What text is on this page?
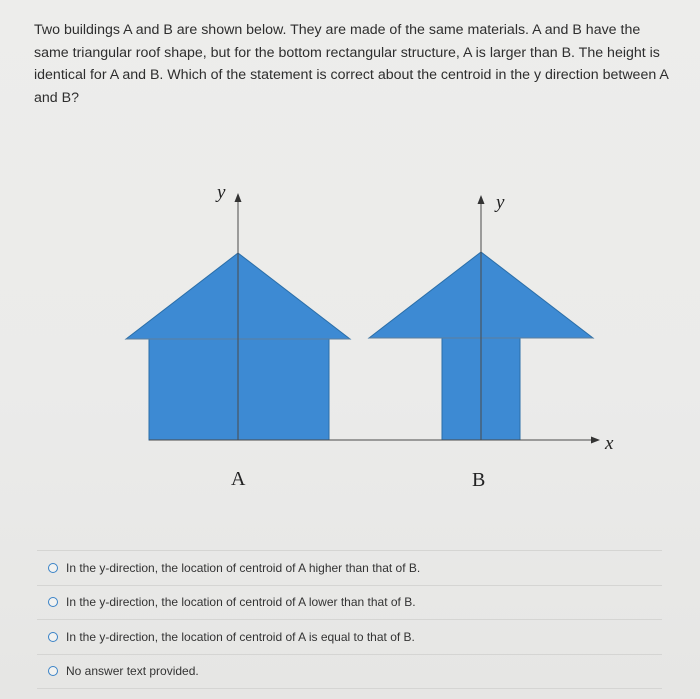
Two buildings A and B are shown below. They are made of the same materials. A and B have the same triangular roof shape, but for the bottom rectangular structure, A is larger than B. The height is identical for A and B. Which of the statement is correct about the centroid in the y direction between A and B?

y	y
x
A	B
In the y-direction, the location of centroid of A higher than that of B.
In the y-direction, the location of centroid of A lower than that of B.
In the y-direction, the location of centroid of A is equal to that of B.
No answer text provided.
